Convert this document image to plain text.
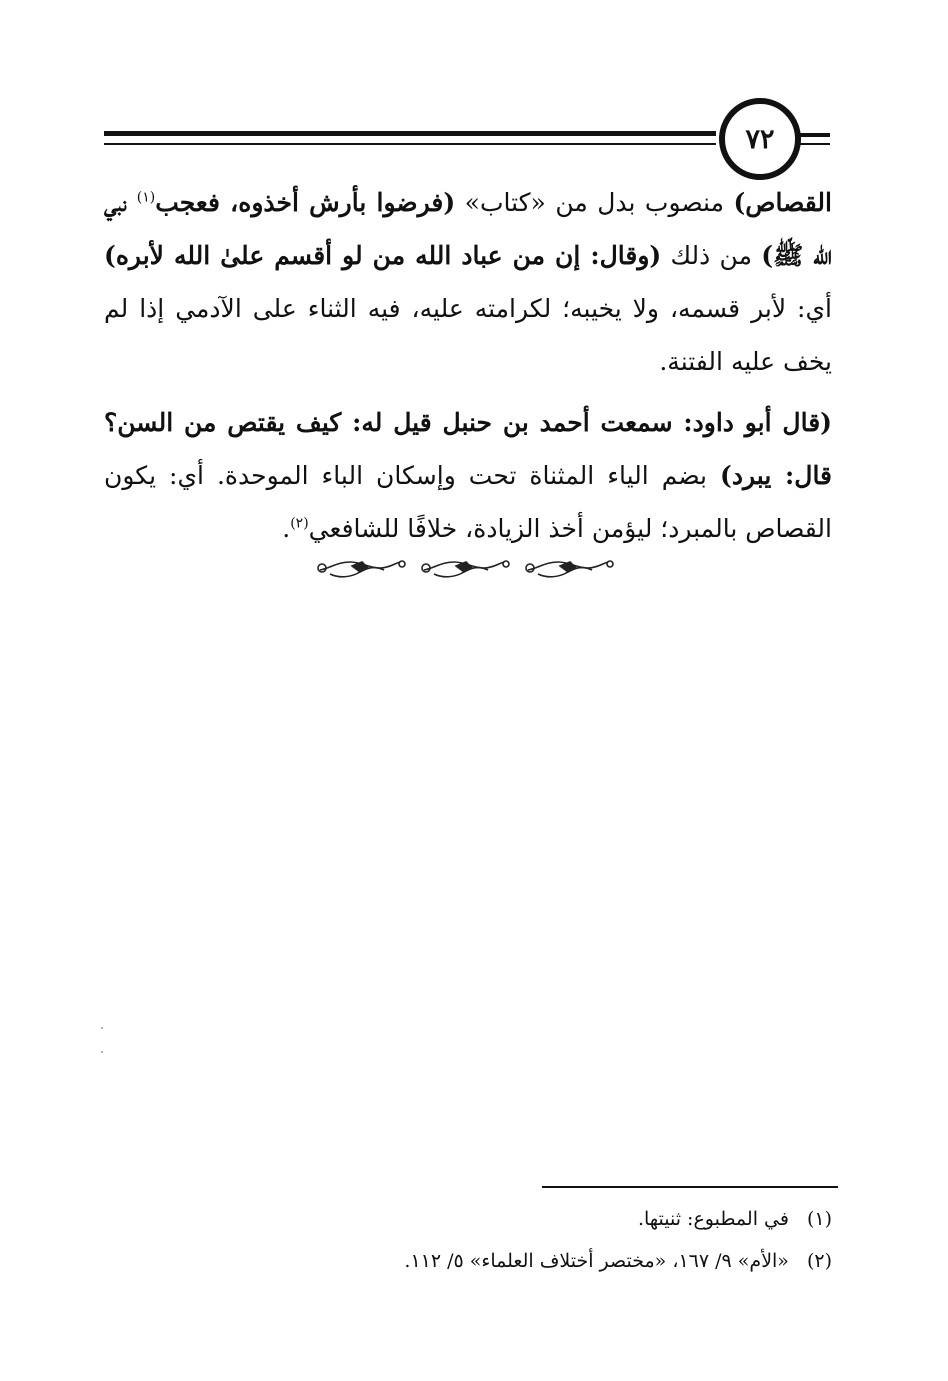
٧٢

القصاص) منصوب بدل من «كتاب» (فرضوا بأرش أخذوه، فعجب$^{(١)}$ نبي الله ﷺ) من ذلك (وقال: إن من عباد الله من لو أقسم علىٰ الله لأبره) أي: لأبر قسمه، ولا يخيبه؛ لكرامته عليه، فيه الثناء على الآدمي إذا لم يخف عليه الفتنة.

(قال أبو داود: سمعت أحمد بن حنبل قيل له: كيف يقتص من السن؟ قال: يبرد) بضم الياء المثناة تحت وإسكان الباء الموحدة. أي: يكون القصاص بالمبرد؛ ليؤمن أخذ الزيادة، خلافًا للشافعي$^{(٢)}$.

(١)في المطبوع: ثنيتها.

(٢)«الأم» ٩/ ١٦٧، «مختصر أختلاف العلماء» ٥/ ١١٢.
